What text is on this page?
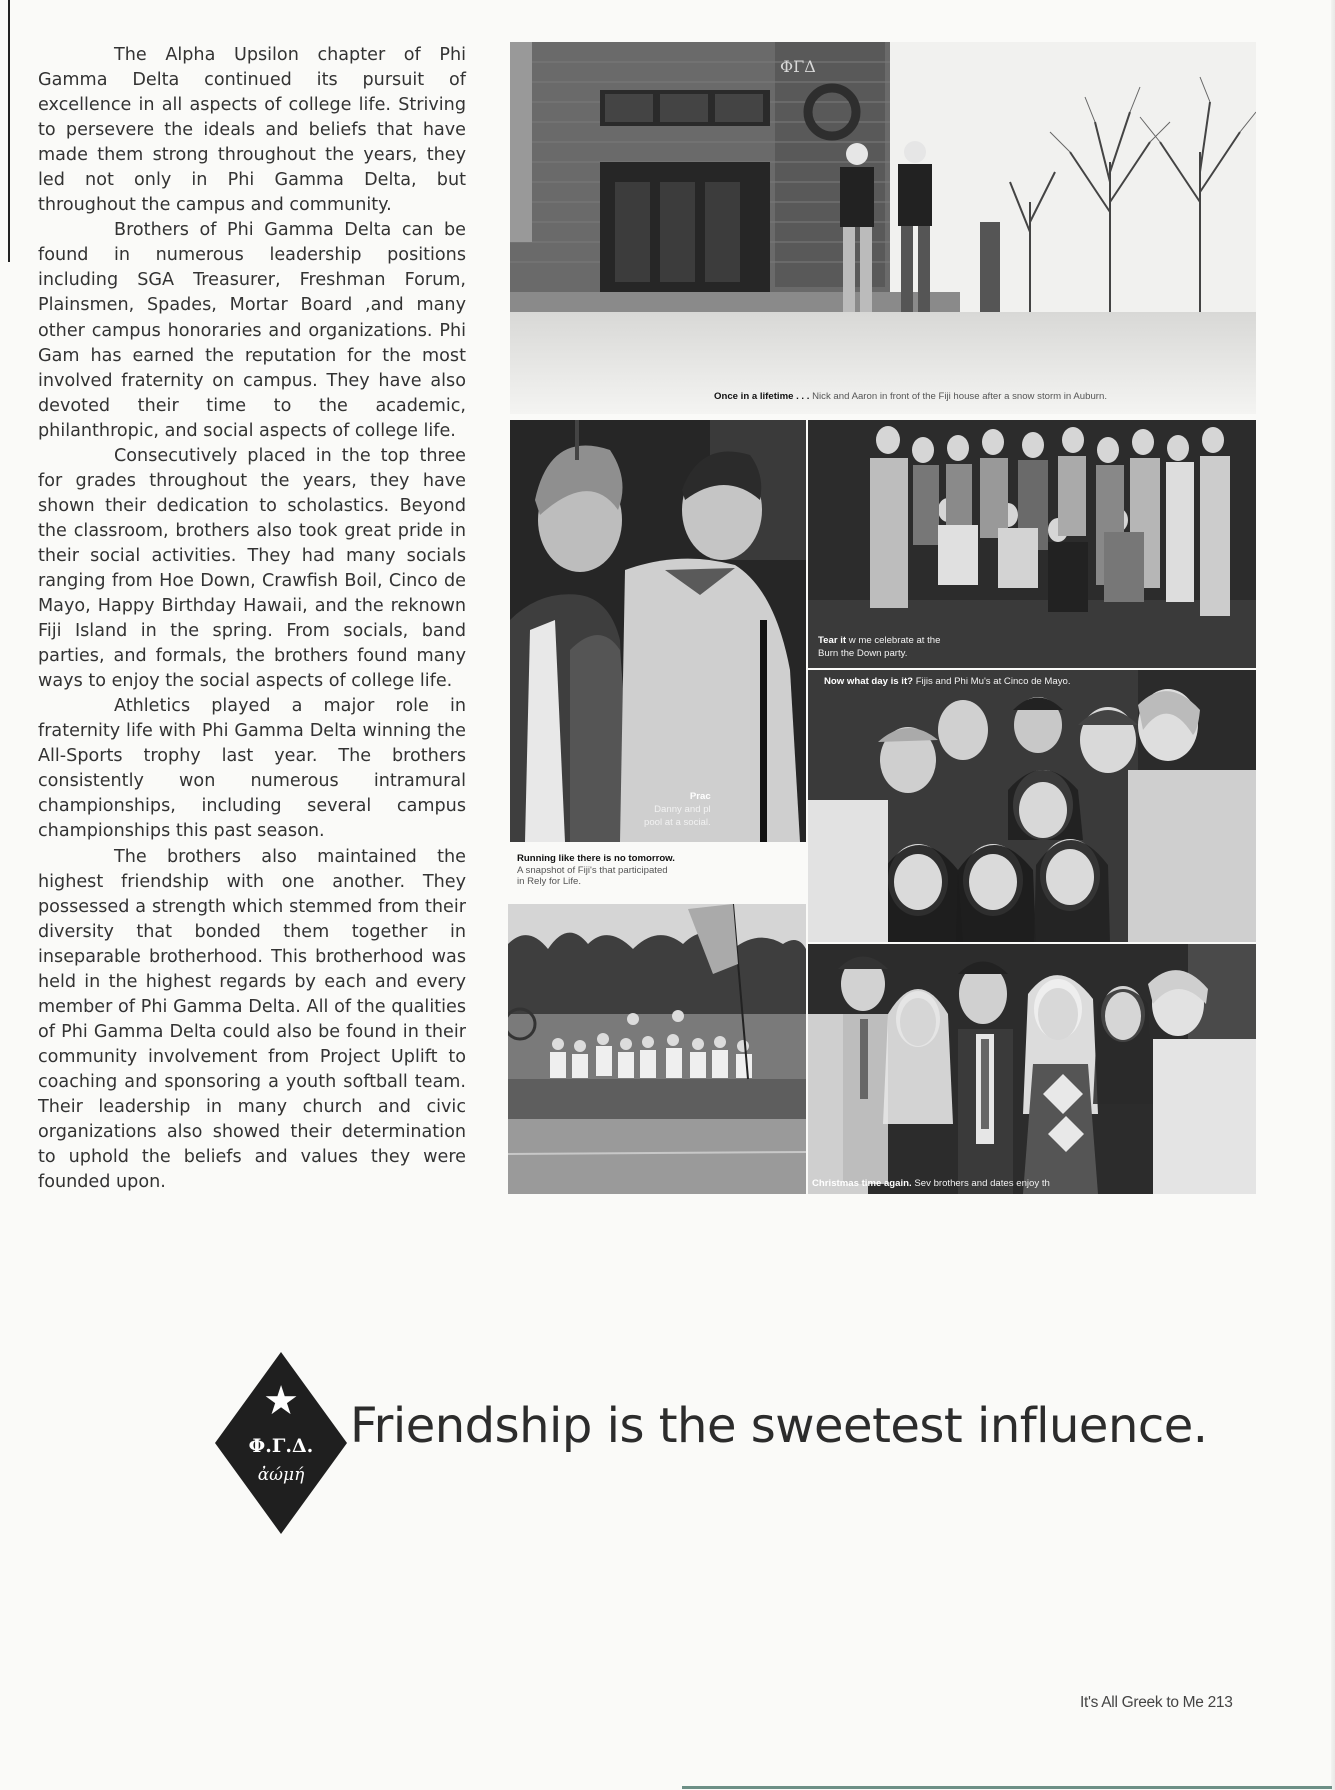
The Alpha Upsilon chapter of Phi Gamma Delta continued its pursuit of excellence in all aspects of college life. Striving to persevere the ideals and beliefs that have made them strong throughout the years, they led not only in Phi Gamma Delta, but throughout the campus and community.

Brothers of Phi Gamma Delta can be found in numerous leadership positions including SGA Treasurer, Freshman Forum, Plainsmen, Spades, Mortar Board ,and many other campus honoraries and organizations. Phi Gam has earned the reputation for the most involved fraternity on campus. They have also devoted their time to the academic, philanthropic, and social aspects of college life.

Consecutively placed in the top three for grades throughout the years, they have shown their dedication to scholastics. Beyond the classroom, brothers also took great pride in their social activities. They had many socials ranging from Hoe Down, Crawfish Boil, Cinco de Mayo, Happy Birthday Hawaii, and the reknown Fiji Island in the spring. From socials, band parties, and formals, the brothers found many ways to enjoy the social aspects of college life.

Athletics played a major role in fraternity life with Phi Gamma Delta winning the All-Sports trophy last year. The brothers consistently won numerous intramural championships, including several campus championships this past season.

The brothers also maintained the highest friendship with one another. They possessed a strength which stemmed from their diversity that bonded them together in inseparable brotherhood. This brotherhood was held in the highest regards by each and every member of Phi Gamma Delta. All of the qualities of Phi Gamma Delta could also be found in their community involvement from Project Uplift to coaching and sponsoring a youth softball team. Their leadership in many church and civic organizations also showed their determination to uphold the beliefs and values they were founded upon.

ΦΓΔ
Once in a lifetime . . . Nick and Aaron in front of the Fiji house after a snow storm in Auburn.
Prac
Danny and pl
pool at a social.
Tear it w me celebrate at the
Burn the Down party.
Now what day is it? Fijis and Phi Mu's at Cinco de Mayo.
Running like there is no tomorrow.
A snapshot of Fiji's that participated
in Rely for Life.
Christmas time again. Sev brothers and dates enjoy th
★
Φ.Γ.Δ.
ἀώμή
Friendship is the sweetest influence.
It's All Greek to Me 213
